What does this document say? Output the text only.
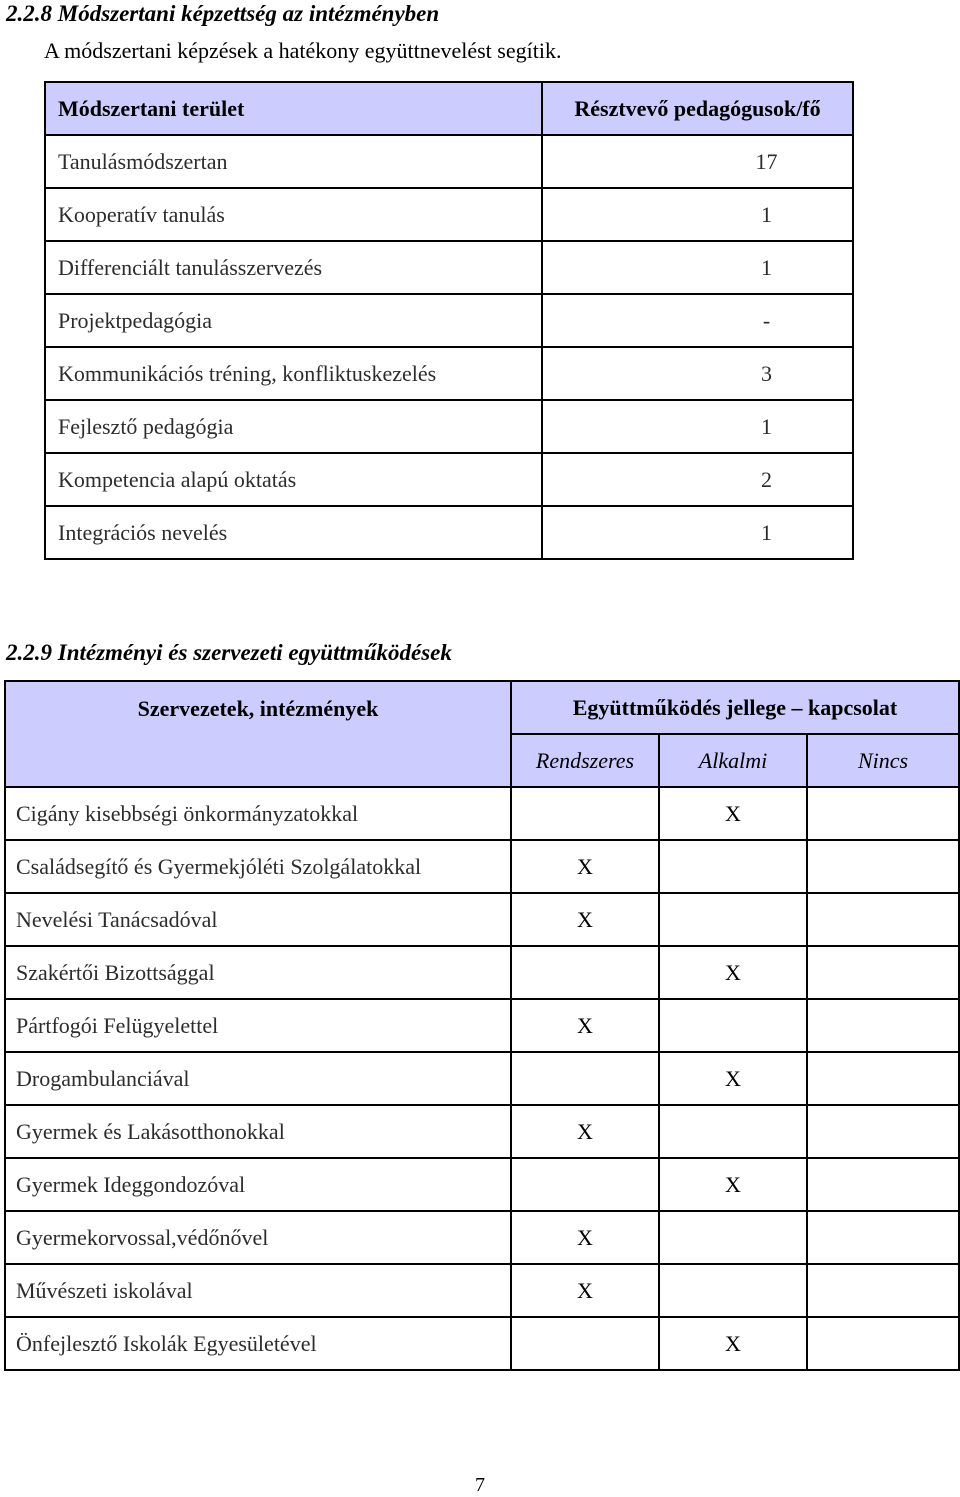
2.2.8 Módszertani képzettség az intézményben
A módszertani képzések a hatékony együttnevelést segítik.
Módszertani terület	Résztvevő pedagógusok/fő
Tanulásmódszertan	17
Kooperatív tanulás	1
Differenciált tanulásszervezés	1
Projektpedagógia	-
Kommunikációs tréning, konfliktuskezelés	3
Fejlesztő pedagógia	1
Kompetencia alapú oktatás	2
Integrációs nevelés	1
2.2.9 Intézményi és szervezeti együttműködések
Szervezetek, intézmények	Együttműködés jellege – kapcsolat		
	Rendszeres	Alkalmi	Nincs
Cigány kisebbségi önkormányzatokkal		X	
Családsegítő és Gyermekjóléti Szolgálatokkal	X		
Nevelési Tanácsadóval	X		
Szakértői Bizottsággal		X	
Pártfogói Felügyelettel	X		
Drogambulanciával		X	
Gyermek és Lakásotthonokkal	X		
Gyermek Ideggondozóval		X	
Gyermekorvossal,védőnővel	X		
Művészeti iskolával	X		
Önfejlesztő Iskolák Egyesületével		X	
7
